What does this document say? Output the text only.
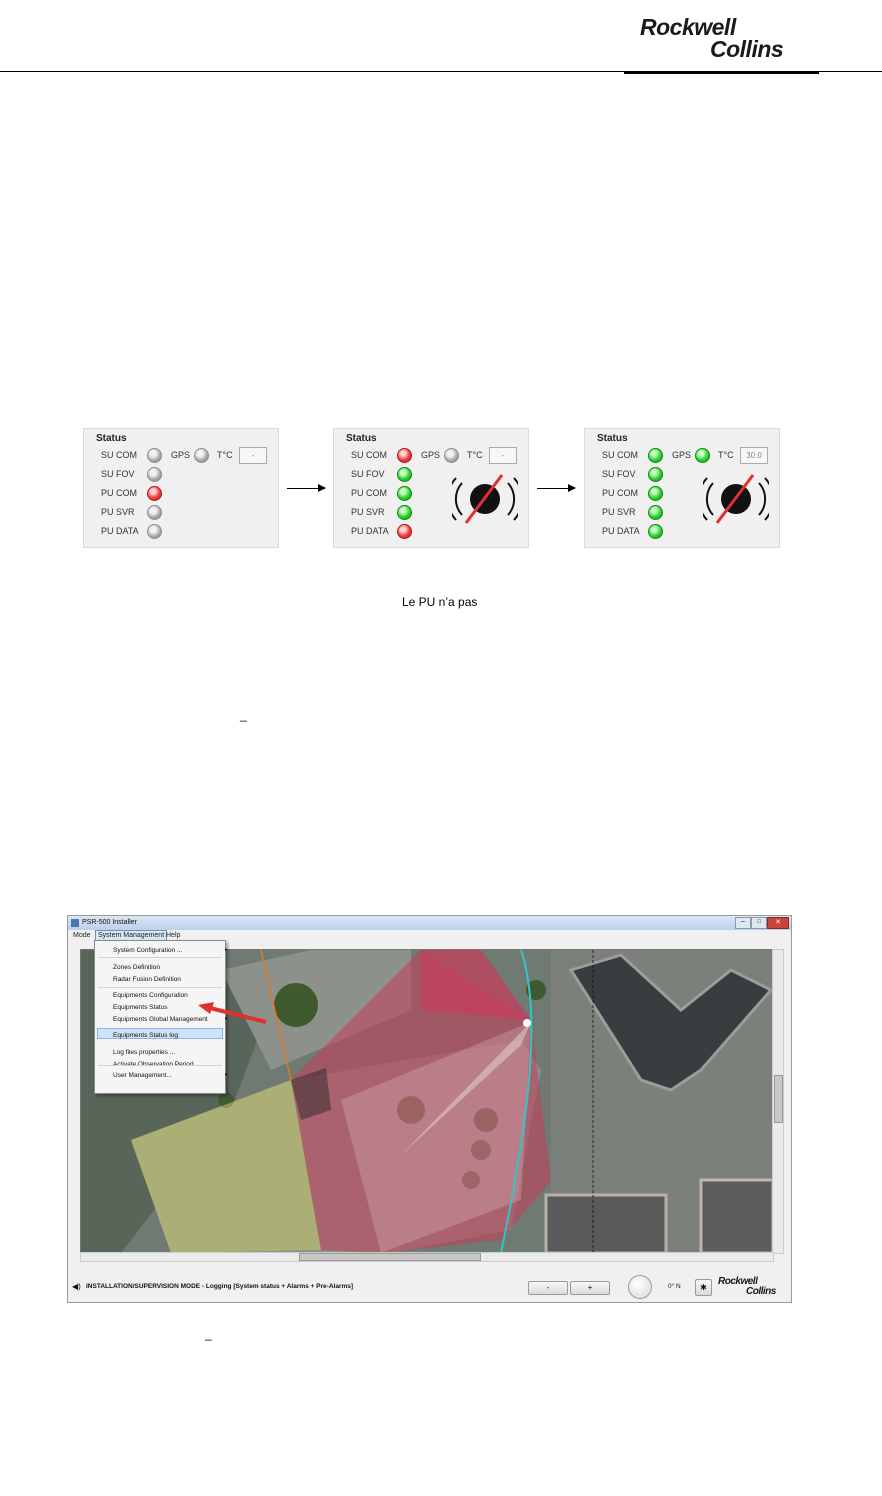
Rockwell
Collins
Status
SU COM
SU FOV
PU COM
PU SVR
PU DATA
GPS	T°C	-
Status
SU COM
SU FOV
PU COM
PU SVR
PU DATA
GPS	T°C	-
Status
SU COM
SU FOV
PU COM
PU SVR
PU DATA
GPS	T°C	30.0
Le PU n’a pas
_
_
PSR-500 Installer	–	□	✕
Mode	System Management Help
System Configuration ... ▸
Zones Definition
Radar Fusion Definition
Equipments Configuration
Equipments Status
Equipments Global Management ▸
Equipments Status log
Log files properties ...
User Management... ▸
◀) INSTALLATION/SUPERVISION MODE - Logging [System status + Alarms + Pre-Alarms]	-	+	0° N	✱
Rockwell
Collins
